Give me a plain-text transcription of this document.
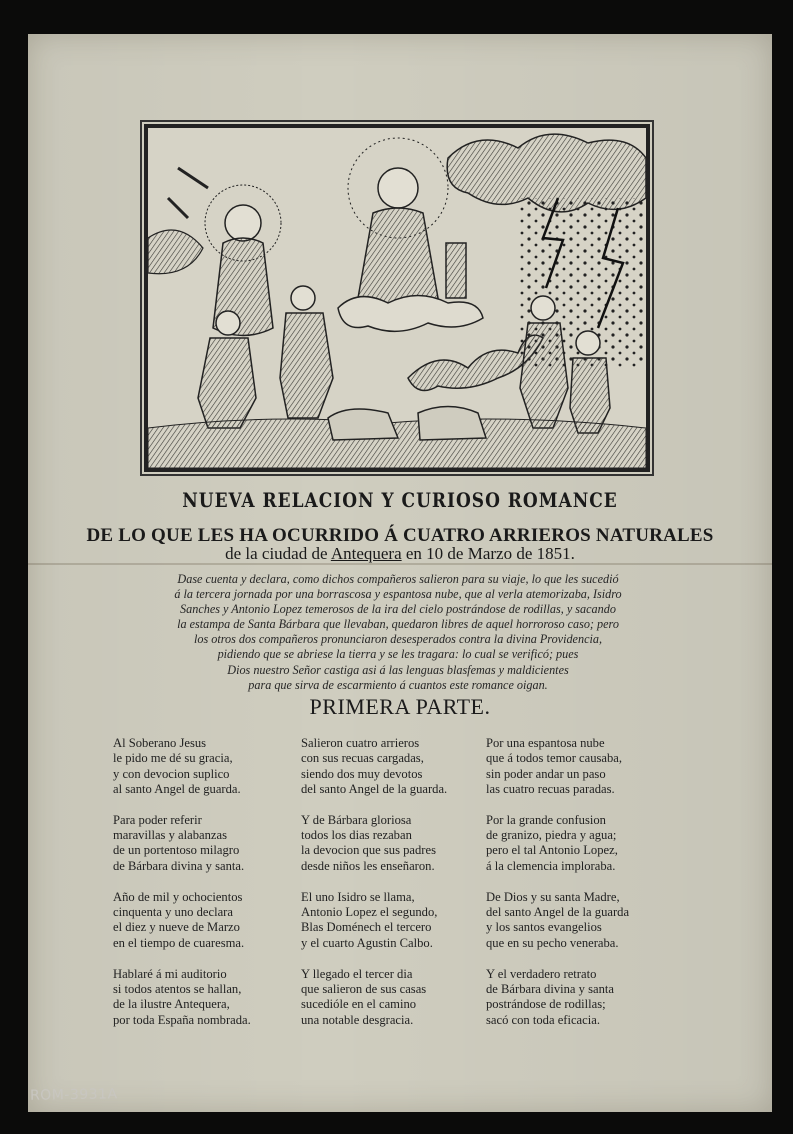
NUEVA RELACION Y CURIOSO ROMANCE
DE LO QUE LES HA OCURRIDO Á CUATRO ARRIEROS NATURALES
de la ciudad de Antequera en 10 de Marzo de 1851.
Dase cuenta y declara, como dichos compañeros salieron para su viaje, lo que les sucedió
á la tercera jornada por una borrascosa y espantosa nube, que al verla atemorizaba, Isidro
Sanches y Antonio Lopez temerosos de la ira del cielo postrándose de rodillas, y sacando
la estampa de Santa Bárbara que llevaban, quedaron libres de aquel horroroso caso; pero
los otros dos compañeros pronunciaron desesperados contra la divina Providencia,
pidiendo que se abriese la tierra y se les tragara: lo cual se verificó; pues
Dios nuestro Señor castiga asi á las lenguas blasfemas y maldicientes
para que sirva de escarmiento á cuantos este romance oigan.
PRIMERA PARTE.
Al Soberano Jesus
le pido me dé su gracia,
y con devocion suplico
al santo Angel de guarda.
Para poder referir
maravillas y alabanzas
de un portentoso milagro
de Bárbara divina y santa.
Año de mil y ochocientos
cinquenta y uno declara
el diez y nueve de Marzo
en el tiempo de cuaresma.
Hablaré á mi auditorio
si todos atentos se hallan,
de la ilustre Antequera,
por toda España nombrada.
Salieron cuatro arrieros
con sus recuas cargadas,
siendo dos muy devotos
del santo Angel de la guarda.
Y de Bárbara gloriosa
todos los dias rezaban
la devocion que sus padres
desde niños les enseñaron.
El uno Isidro se llama,
Antonio Lopez el segundo,
Blas Doménech el tercero
y el cuarto Agustin Calbo.
Y llegado el tercer dia
que salieron de sus casas
sucedióle en el camino
una notable desgracia.
Por una espantosa nube
que á todos temor causaba,
sin poder andar un paso
las cuatro recuas paradas.
Por la grande confusion
de granizo, piedra y agua;
pero el tal Antonio Lopez,
á la clemencia imploraba.
De Dios y su santa Madre,
del santo Angel de la guarda
y los santos evangelios
que en su pecho veneraba.
Y el verdadero retrato
de Bárbara divina y santa
postrándose de rodillas;
sacó con toda eficacia.
ROM-3931A
